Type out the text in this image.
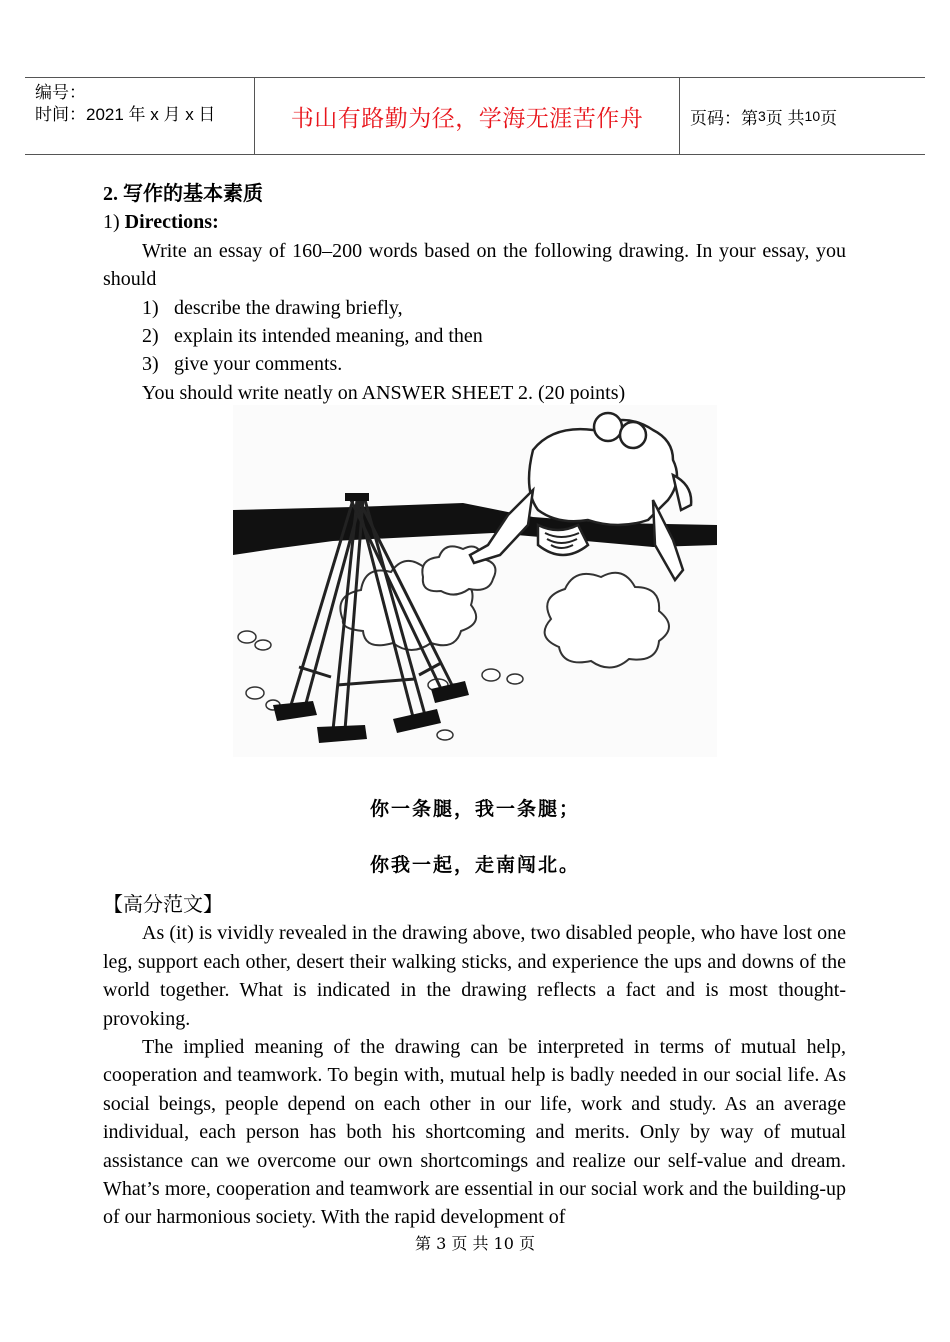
编号：
时间：2021 年 x 月 x 日	书山有路勤为径，学海无涯苦作舟	页码：第 3 页 共 10 页

2. 写作的基本素质

1) Directions:

Write an essay of 160–200 words based on the following drawing. In your essay, you should

1) describe the drawing briefly,
2) explain its intended meaning, and then
3) give your comments.

You should write neatly on ANSWER SHEET 2. (20 points)

你一条腿，我一条腿；
你我一起，走南闯北。

【高分范文】

As (it) is vividly revealed in the drawing above, two disabled people, who have lost one leg, support each other, desert their walking sticks, and experience the ups and downs of the world together. What is indicated in the drawing reflects a fact and is most thought-provoking.

The implied meaning of the drawing can be interpreted in terms of mutual help, cooperation and teamwork. To begin with, mutual help is badly needed in our social life. As social beings, people depend on each other in our life, work and study. As an average individual, each person has both his shortcoming and merits. Only by way of mutual assistance can we overcome our own shortcomings and realize our self-value and dream. What’s more, cooperation and teamwork are essential in our social work and the building-up of our harmonious society. With the rapid development of

第 3 页 共 10 页
